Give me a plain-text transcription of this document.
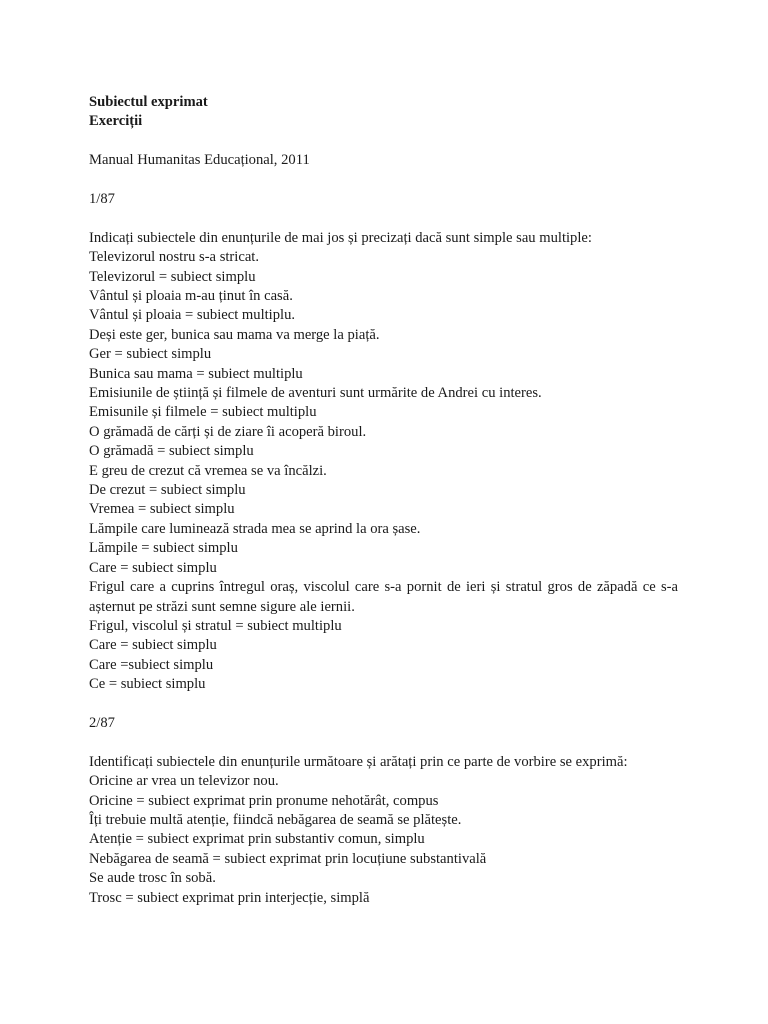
Subiectul exprimat
Exerciții
Manual Humanitas Educațional, 2011
1/87
Indicați subiectele din enunțurile de mai jos și precizați dacă sunt simple sau multiple:
Televizorul nostru s-a stricat.
Televizorul = subiect simplu
Vântul și ploaia m-au ținut în casă.
Vântul și ploaia = subiect multiplu.
Deși este ger, bunica sau mama va merge la piață.
Ger = subiect simplu
Bunica sau mama = subiect multiplu
Emisiunile de știință și filmele de aventuri sunt urmărite de Andrei cu interes.
Emisunile și filmele = subiect multiplu
O grămadă de cărți și de ziare îi acoperă biroul.
O grămadă = subiect simplu
E greu de crezut că vremea se va încălzi.
De crezut = subiect simplu
Vremea = subiect simplu
Lămpile care luminează strada mea se aprind la ora șase.
Lămpile = subiect simplu
Care = subiect simplu
Frigul care a cuprins întregul oraș, viscolul care s-a pornit de ieri și stratul gros de zăpadă ce s-a așternut pe străzi sunt semne sigure ale iernii.
Frigul, viscolul și stratul = subiect multiplu
Care = subiect simplu
Care =subiect simplu
Ce = subiect simplu
2/87
Identificați subiectele din enunțurile următoare și arătați prin ce parte de vorbire se exprimă:
Oricine ar vrea un televizor nou.
Oricine = subiect exprimat prin pronume nehotărât, compus
Îți trebuie multă atenție, fiindcă nebăgarea de seamă se plătește.
Atenție = subiect exprimat prin substantiv comun, simplu
Nebăgarea de seamă = subiect exprimat prin locuțiune substantivală
Se aude trosc în sobă.
Trosc = subiect exprimat prin interjecție, simplă
